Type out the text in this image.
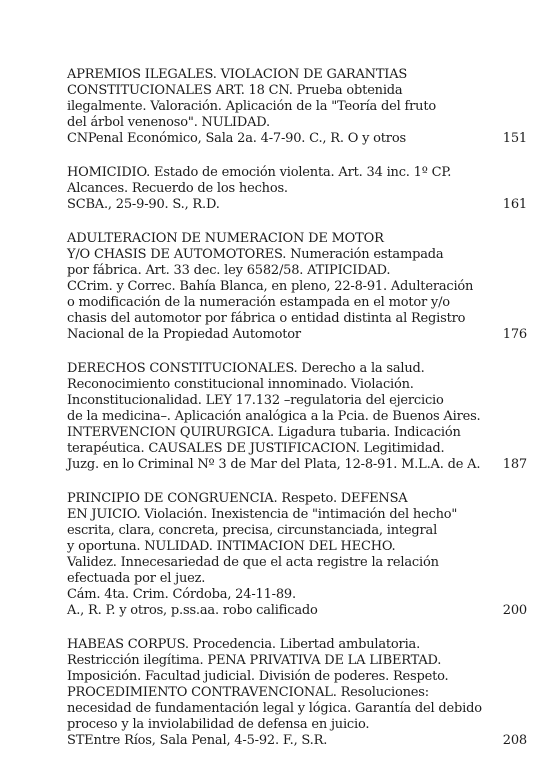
APREMIOS ILEGALES. VIOLACION DE GARANTIAS
CONSTITUCIONALES ART. 18 CN. Prueba obtenida
ilegalmente. Valoración. Aplicación de la "Teoría del fruto
del árbol venenoso". NULIDAD.
CNPenal Económico, Sala 2a. 4-7-90. C., R. O y otros	151
HOMICIDIO. Estado de emoción violenta. Art. 34 inc. 1º CP.
Alcances. Recuerdo de los hechos.
SCBA., 25-9-90. S., R.D.	161
ADULTERACION DE NUMERACION DE MOTOR
Y/O CHASIS DE AUTOMOTORES. Numeración estampada
por fábrica. Art. 33 dec. ley 6582/58. ATIPICIDAD.
CCrim. y Correc. Bahía Blanca, en pleno, 22-8-91. Adulteración
o modificación de la numeración estampada en el motor y/o
chasis del automotor por fábrica o entidad distinta al Registro
Nacional de la Propiedad Automotor	176
DERECHOS CONSTITUCIONALES. Derecho a la salud.
Reconocimiento constitucional innominado. Violación.
Inconstitucionalidad. LEY 17.132 –regulatoria del ejercicio
de la medicina–. Aplicación analógica a la Pcia. de Buenos Aires.
INTERVENCION QUIRURGICA. Ligadura tubaria. Indicación
terapéutica. CAUSALES DE JUSTIFICACION. Legitimidad.
Juzg. en lo Criminal Nº 3 de Mar del Plata, 12-8-91. M.L.A. de A. 187
PRINCIPIO DE CONGRUENCIA. Respeto. DEFENSA
EN JUICIO. Violación. Inexistencia de "intimación del hecho"
escrita, clara, concreta, precisa, circunstanciada, integral
y oportuna. NULIDAD. INTIMACION DEL HECHO.
Validez. Innecesariedad de que el acta registre la relación
efectuada por el juez.
Cám. 4ta. Crim. Córdoba, 24-11-89.
A., R. P. y otros, p.ss.aa. robo calificado	200
HABEAS CORPUS. Procedencia. Libertad ambulatoria.
Restricción ilegítima. PENA PRIVATIVA DE LA LIBERTAD.
Imposición. Facultad judicial. División de poderes. Respeto.
PROCEDIMIENTO CONTRAVENCIONAL. Resoluciones:
necesidad de fundamentación legal y lógica. Garantía del debido
proceso y la inviolabilidad de defensa en juicio.
STEntre Ríos, Sala Penal, 4-5-92. F., S.R.	208
